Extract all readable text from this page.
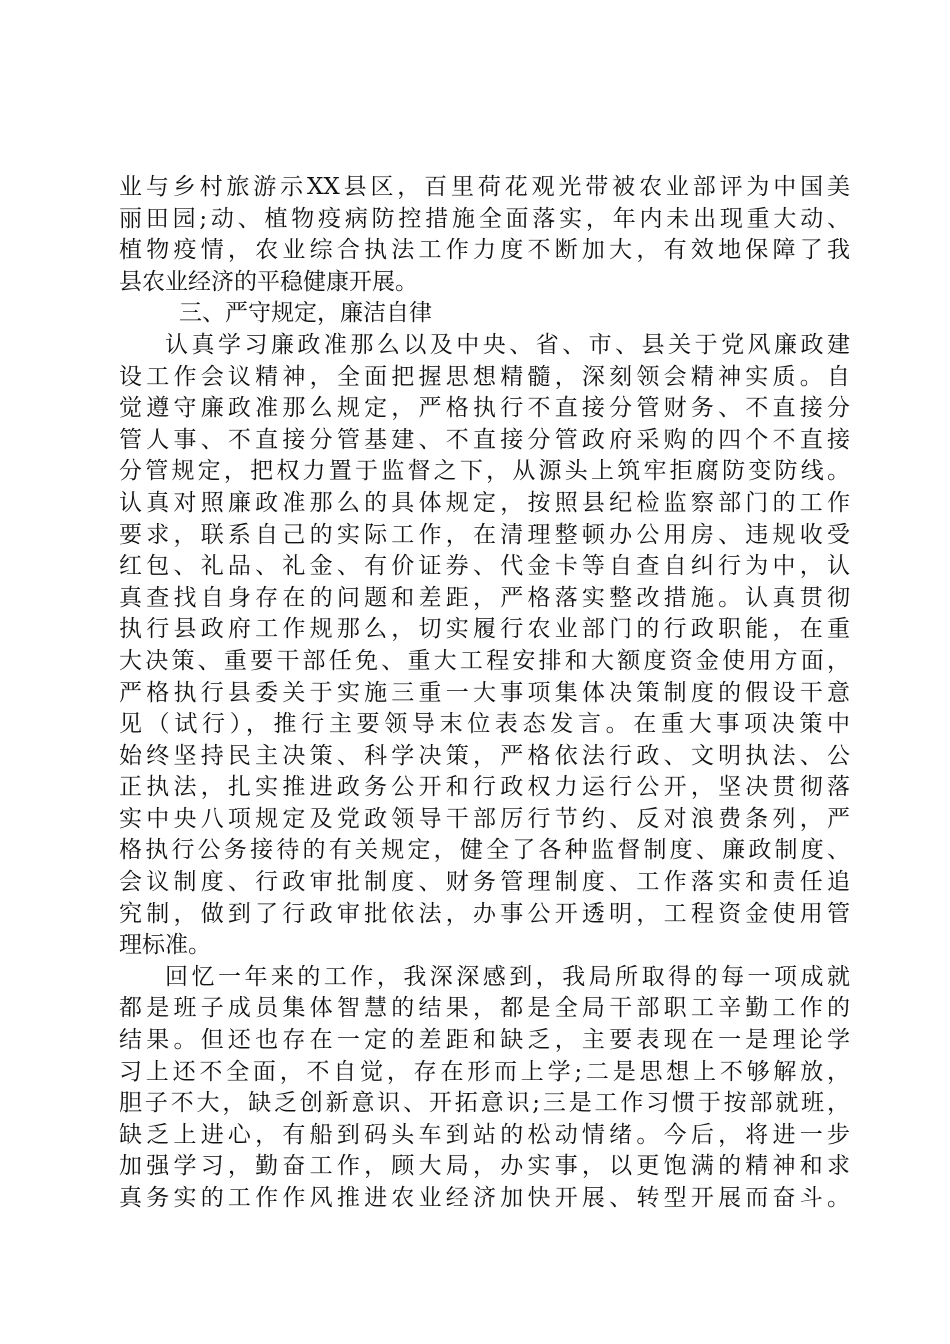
业与乡村旅游示XX县区，百里荷花观光带被农业部评为中国美
丽田园;动、植物疫病防控措施全面落实，年内未出现重大动、
植物疫情，农业综合执法工作力度不断加大，有效地保障了我
县农业经济的平稳健康开展。
三、严守规定，廉洁自律
认真学习廉政准那么以及中央、省、市、县关于党风廉政建
设工作会议精神，全面把握思想精髓，深刻领会精神实质。自
觉遵守廉政准那么规定，严格执行不直接分管财务、不直接分
管人事、不直接分管基建、不直接分管政府采购的四个不直接
分管规定，把权力置于监督之下，从源头上筑牢拒腐防变防线。
认真对照廉政准那么的具体规定，按照县纪检监察部门的工作
要求，联系自己的实际工作，在清理整顿办公用房、违规收受
红包、礼品、礼金、有价证券、代金卡等自查自纠行为中，认
真查找自身存在的问题和差距，严格落实整改措施。认真贯彻
执行县政府工作规那么，切实履行农业部门的行政职能，在重
大决策、重要干部任免、重大工程安排和大额度资金使用方面，
严格执行县委关于实施三重一大事项集体决策制度的假设干意
见（试行），推行主要领导末位表态发言。在重大事项决策中
始终坚持民主决策、科学决策，严格依法行政、文明执法、公
正执法，扎实推进政务公开和行政权力运行公开，坚决贯彻落
实中央八项规定及党政领导干部厉行节约、反对浪费条列，严
格执行公务接待的有关规定，健全了各种监督制度、廉政制度、
会议制度、行政审批制度、财务管理制度、工作落实和责任追
究制，做到了行政审批依法，办事公开透明，工程资金使用管
理标准。
回忆一年来的工作，我深深感到，我局所取得的每一项成就
都是班子成员集体智慧的结果，都是全局干部职工辛勤工作的
结果。但还也存在一定的差距和缺乏，主要表现在一是理论学
习上还不全面，不自觉，存在形而上学;二是思想上不够解放，
胆子不大，缺乏创新意识、开拓意识;三是工作习惯于按部就班，
缺乏上进心，有船到码头车到站的松动情绪。今后，将进一步
加强学习，勤奋工作，顾大局，办实事，以更饱满的精神和求
真务实的工作作风推进农业经济加快开展、转型开展而奋斗。
